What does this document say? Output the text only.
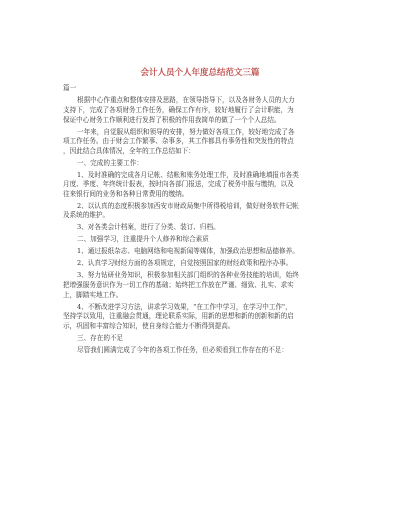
会计人员个人年度总结范文三篇
篇一
根据中心作重点和整体安排及思路，在领导指导下，以及各财务人员的大力
支持下，完成了各项财务工作任务，确保工作有序，较好地履行了会计职能，为
保证中心财务工作顺利进行发挥了积极的作用我简单的做了一个个人总结。
一年来，自觉服从组织和领导的安排，努力做好各项工作，较好地完成了各
项工作任务。由于财会工作繁事、杂事多，其工作都具有事务性和突发性的特点
，因此结合具体情况，全年的工作总结如下：
一、完成的主要工作：
1、及时准确的完成各月记帐、结帐和账务处理工作，及时准确地填报市各类
月度、季度、年终统计报表，按时向各部门报送，完成了税务申报与缴纳，以及
往来银行间的业务和各种日常费用的缴纳。
2、以认真的态度积极参加西安市财政局集中所得税培训，做好财务软件记帐
及系统的维护。
3、对各类会计档案，进行了分类、装订、归档。
二、加强学习，注重提升个人修养和综合素质
1、通过报纸杂志、电脑网络和电视新闻等媒体，加强政治思想和品德修养。
2、认真学习财经方面的各项规定，自觉按照国家的财经政策和程序办事。
3、努力钻研业务知识，积极参加相关部门组织的各种业务技能的培训，始终
把增强服务意识作为一切工作的基础；始终把工作放在严谨、细致、扎实、求实
上，脚踏实地工作。
4、不断改进学习方法，讲求学习效果，"在工作中学习，在学习中工作"，
坚持学以致用，注重融会贯通，理论联系实际，用新的思想和新的创新和新的启
示，巩固和丰富综合知识，使自身综合能力不断得到提高。
三、存在的不足
尽管我们圆满完成了今年的各项工作任务，但必须看到工作存在的不足：
